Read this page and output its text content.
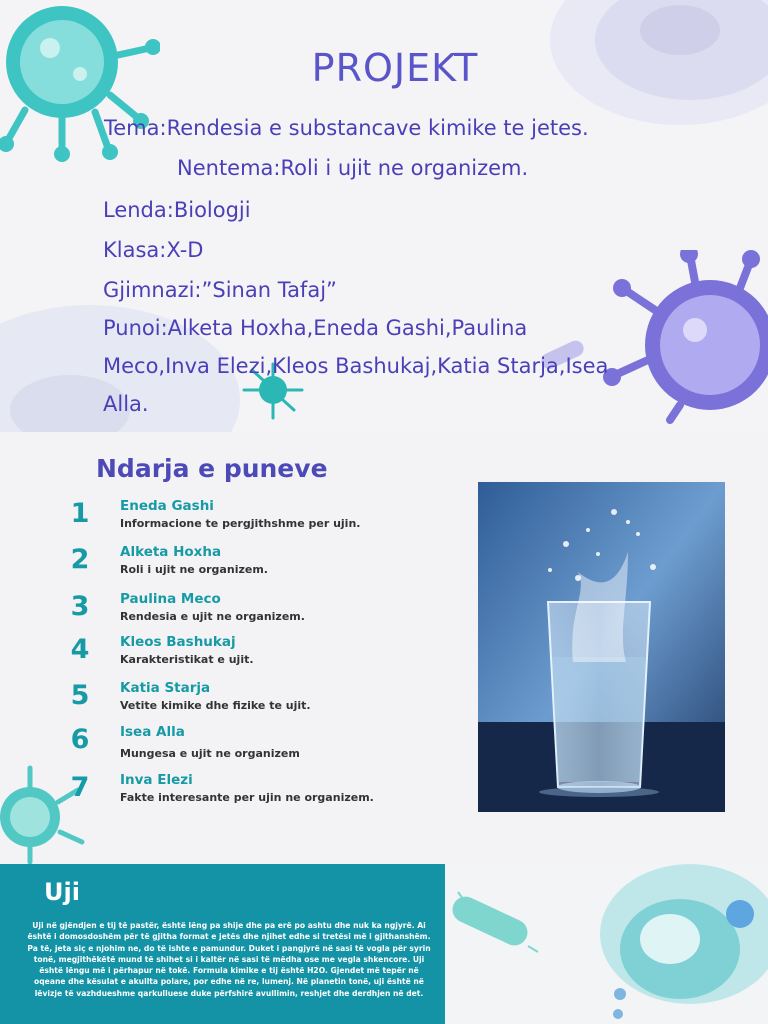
PROJEKT
Tema:Rendesia e substancave kimike te jetes.
Nentema:Roli i ujit ne organizem.
Lenda:Biologji
Klasa:X-D
Gjimnazi:”Sinan Tafaj”
Punoi:Alketa Hoxha,Eneda Gashi,Paulina
Meco,Inva Elezi,Kleos Bashukaj,Katia Starja,Isea
Alla.
Ndarja e puneve
1	Eneda Gashi
Informacione te pergjithshme per ujin.
2	Alketa Hoxha
Roli i ujit ne organizem.
3	Paulina Meco
Rendesia e ujit ne organizem.
4	Kleos Bashukaj
Karakteristikat e ujit.
5	Katia Starja
Vetite kimike dhe fizike te ujit.
6	Isea Alla
Mungesa e ujit ne organizem
7	Inva Elezi
Fakte interesante per ujin ne organizem.
Uji
Uji në gjëndjen e tij të pastër, është lëng pa shije dhe pa erë po ashtu dhe nuk ka ngjyrë. Ai është i domosdoshëm për të gjitha format e jetës dhe njihet edhe si tretësi më i gjithanshëm. Pa të, jeta siç e njohim ne, do të ishte e pamundur. Duket i pangjyrë në sasi të vogla për syrin tonë, megjithëkëtë mund të shihet si i kaltër në sasi të mëdha ose me vegla shkencore. Uji është lëngu më i përhapur në tokë. Formula kimike e tij është H2O. Gjendet më tepër në oqeane dhe kësulat e akullta polare, por edhe në re, lumenj. Në planetin tonë, uji është në lëvizje të vazhdueshme qarkulluese duke përfshirë avullimin, reshjet dhe derdhjen në det.
